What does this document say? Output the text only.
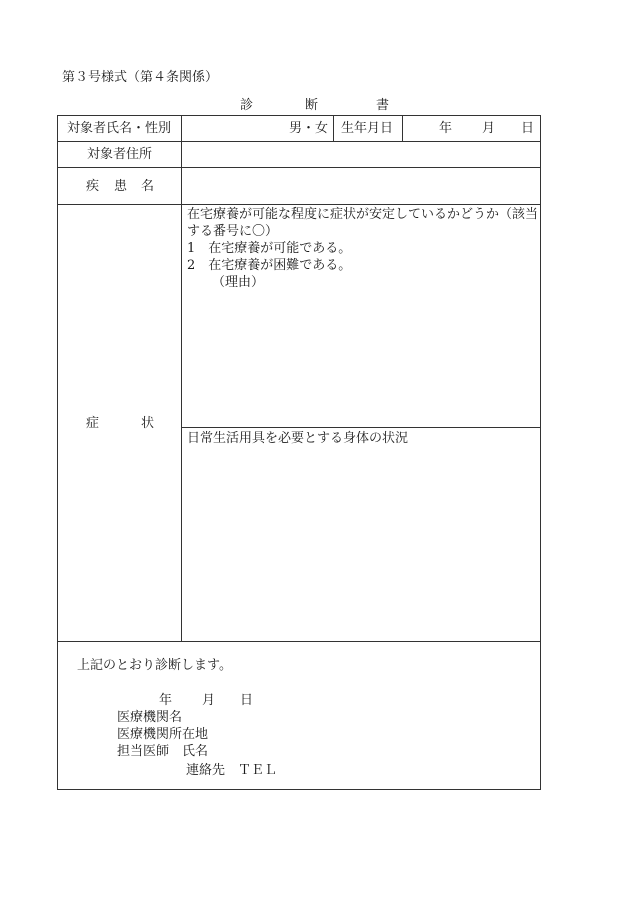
第３号様式（第４条関係）
診	断	書
対象者氏名・性別	男・女 生年月日	年 月 日
対象者住所
疾 患 名
症	状
在宅療養が可能な程度に症状が安定しているかどうか（該当する番号に〇）
1　在宅療養が可能である。
2　在宅療養が困難である。
（理由）
日常生活用具を必要とする身体の状況
上記のとおり診断します。
年 月 日
医療機関名
医療機関所在地
担当医師　氏名
連絡先　ＴＥＬ
